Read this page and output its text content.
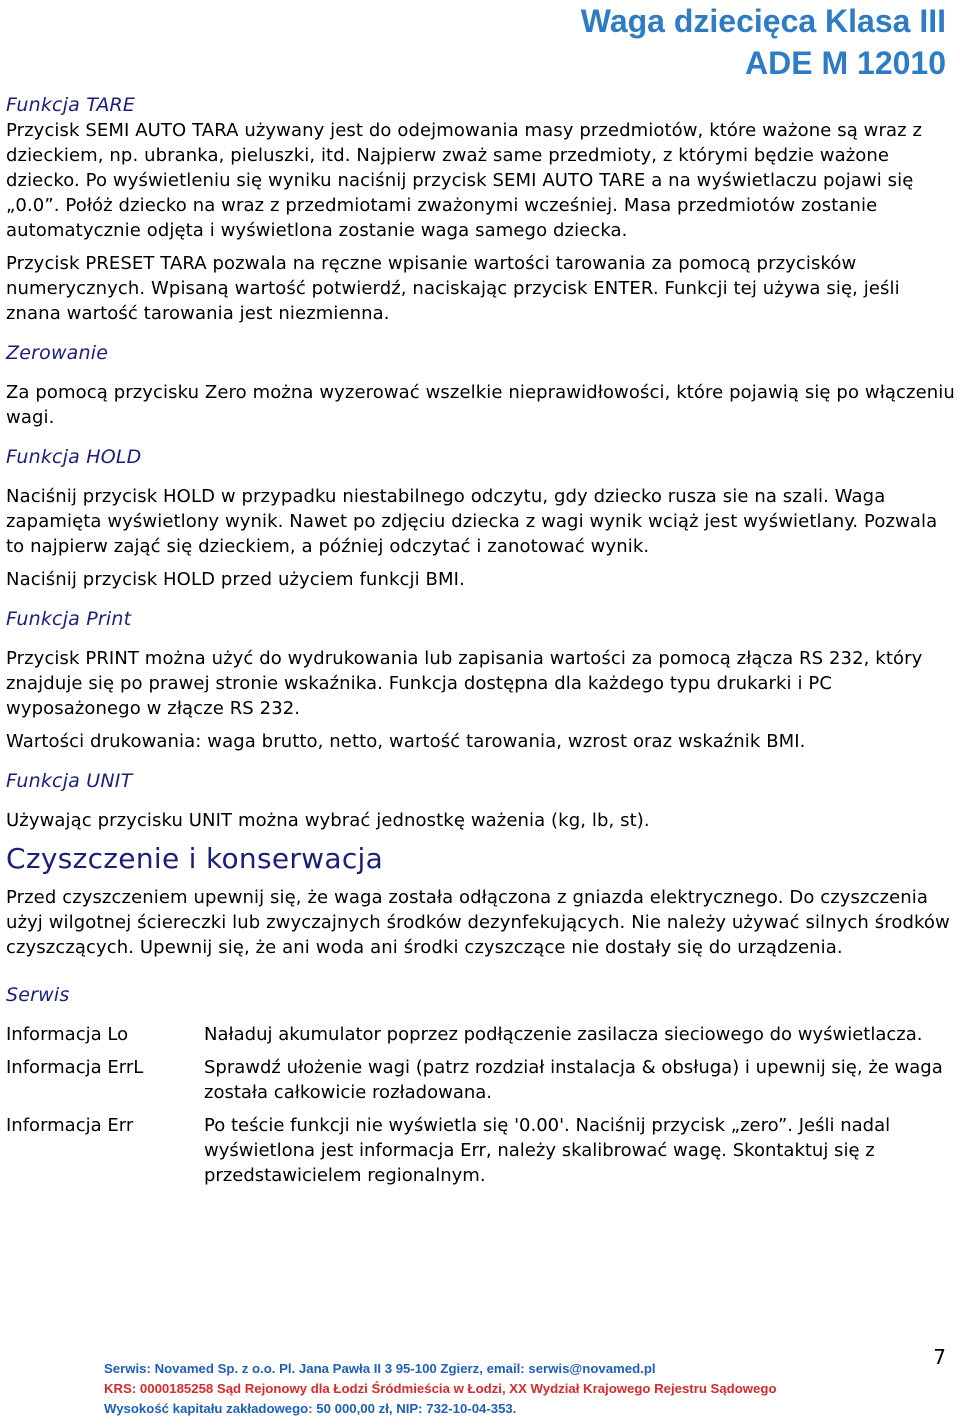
Waga dziecięca Klasa III
ADE M 12010
Funkcja TARE

Przycisk SEMI AUTO TARA używany jest do odejmowania masy przedmiotów, które ważone są wraz z dzieckiem, np. ubranka, pieluszki, itd. Najpierw zważ same przedmioty, z którymi będzie ważone dziecko. Po wyświetleniu się wyniku naciśnij przycisk SEMI AUTO TARE a na wyświetlaczu pojawi się „0.0”. Połóż dziecko na wraz z przedmiotami zważonymi wcześniej. Masa przedmiotów zostanie automatycznie odjęta i wyświetlona zostanie waga samego dziecka.

Przycisk PRESET TARA pozwala na ręczne wpisanie wartości tarowania za pomocą przycisków numerycznych. Wpisaną wartość potwierdź, naciskając przycisk ENTER. Funkcji tej używa się, jeśli znana wartość tarowania jest niezmienna.

Zerowanie

Za pomocą przycisku Zero można wyzerować wszelkie nieprawidłowości, które pojawią się po włączeniu wagi.

Funkcja HOLD

Naciśnij przycisk HOLD w przypadku niestabilnego odczytu, gdy dziecko rusza sie na szali. Waga zapamięta wyświetlony wynik. Nawet po zdjęciu dziecka z wagi wynik wciąż jest wyświetlany. Pozwala to najpierw zająć się dzieckiem, a później odczytać i zanotować wynik.

Naciśnij przycisk HOLD przed użyciem funkcji BMI.

Funkcja Print

Przycisk PRINT można użyć do wydrukowania lub zapisania wartości za pomocą złącza RS 232, który znajduje się po prawej stronie wskaźnika. Funkcja dostępna dla każdego typu drukarki i PC wyposażonego w złącze RS 232.

Wartości drukowania: waga brutto, netto, wartość tarowania, wzrost oraz wskaźnik BMI.

Funkcja UNIT

Używając przycisku UNIT można wybrać jednostkę ważenia (kg, lb, st).

Czyszczenie i konserwacja

Przed czyszczeniem upewnij się, że waga została odłączona z gniazda elektrycznego. Do czyszczenia użyj wilgotnej ściereczki lub zwyczajnych środków dezynfekujących. Nie należy używać silnych środków czyszczących. Upewnij się, że ani woda ani środki czyszczące nie dostały się do urządzenia.

Serwis
Informacja Lo	Naładuj akumulator poprzez podłączenie zasilacza sieciowego do wyświetlacza.
Informacja ErrL	Sprawdź ułożenie wagi (patrz rozdział instalacja & obsługa) i upewnij się, że waga została całkowicie rozładowana.
Informacja Err	Po teście funkcji nie wyświetla się '0.00'. Naciśnij przycisk „zero”. Jeśli nadal wyświetlona jest informacja Err, należy skalibrować wagę. Skontaktuj się z przedstawicielem regionalnym.
7
Serwis: Novamed Sp. z o.o. Pl. Jana Pawła II 3 95-100 Zgierz, email: serwis@novamed.pl
KRS: 0000185258 Sąd Rejonowy dla Łodzi Śródmieścia w Łodzi, XX Wydział Krajowego Rejestru Sądowego
Wysokość kapitału zakładowego: 50 000,00 zł, NIP: 732-10-04-353.
